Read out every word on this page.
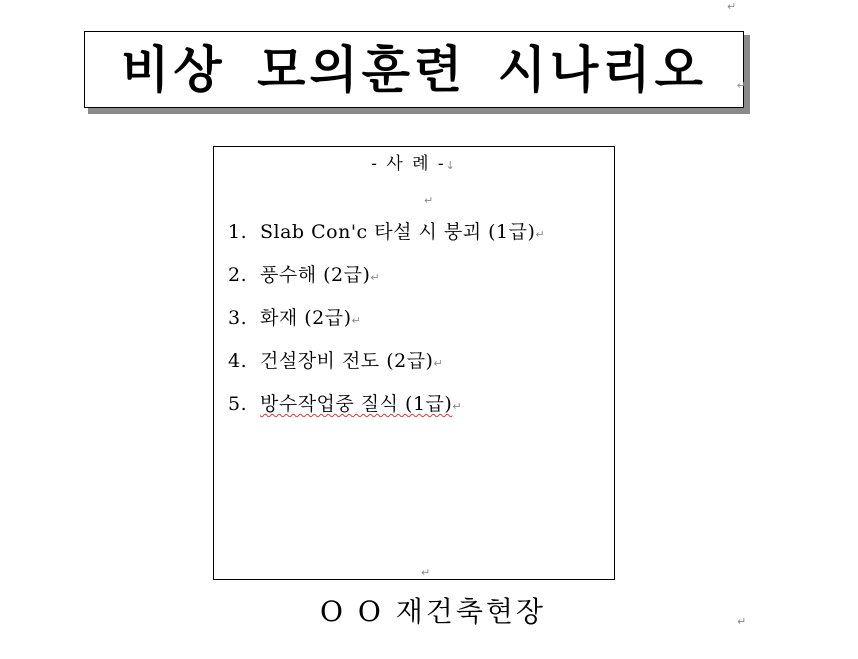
↵
비상 모의훈련 시나리오	↵
- 사 례 -↓
↵
1. Slab Con'c 타설 시 붕괴 (1급)↵
2. 풍수해 (2급)↵
3. 화재 (2급)↵
4. 건설장비 전도 (2급)↵
5. 방수작업중 질식 (1급)↵
↵
O O 재건축현장	↵
